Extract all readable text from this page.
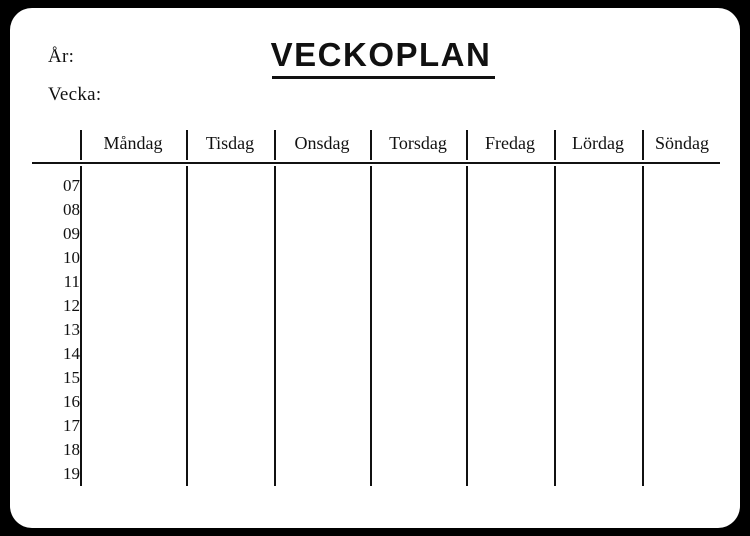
År:
Vecka:
VECKOPLAN
Måndag	Tisdag	Onsdag	Torsdag	Fredag	Lördag	Söndag
07
08
09
10
11
12
13
14
15
16
17
18
19
